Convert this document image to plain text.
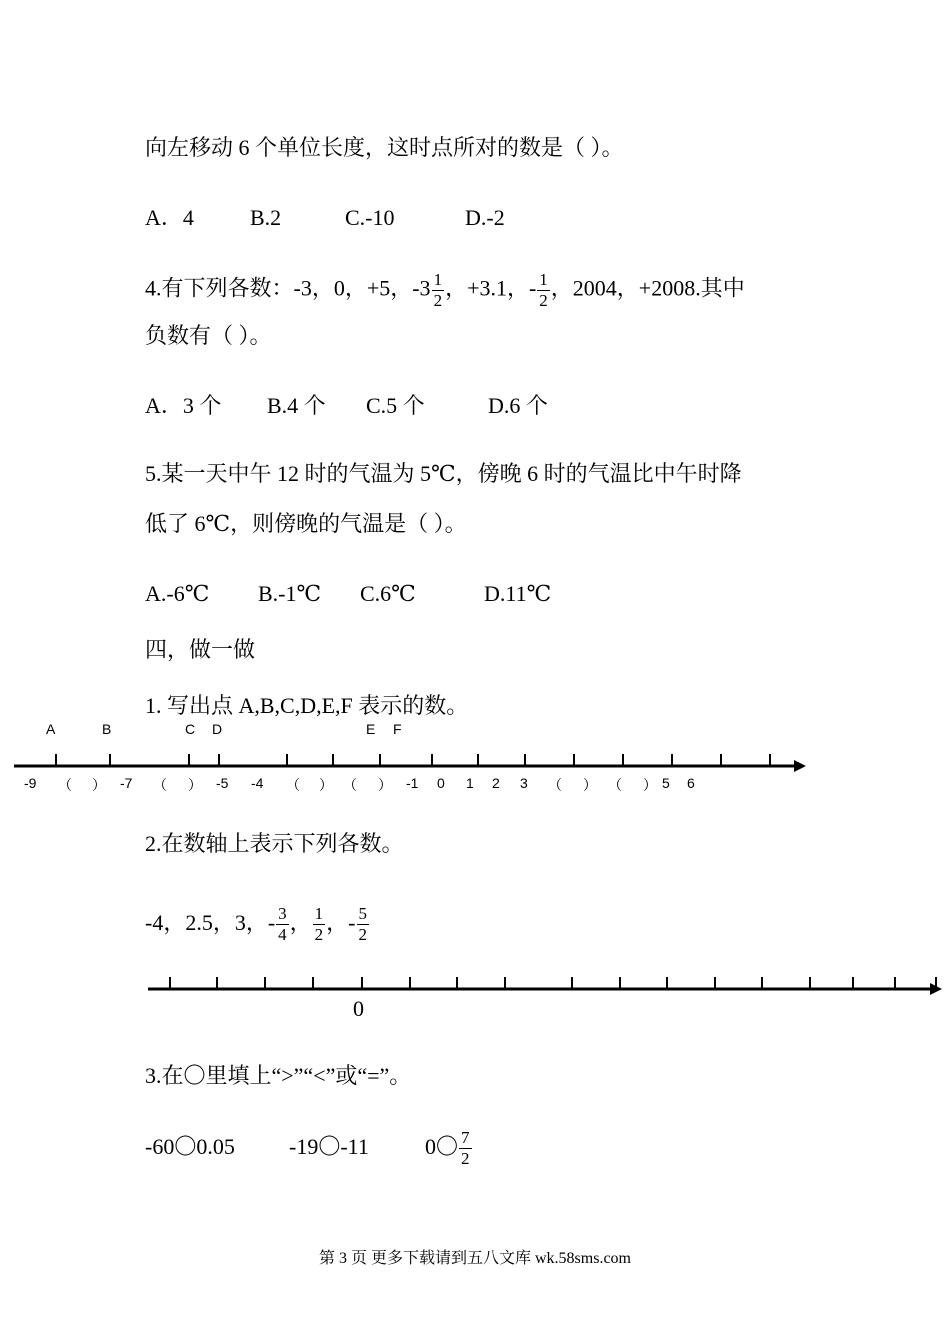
向左移动 6 个单位长度，这时点所对的数是（ ）。
A．4	B.2	C.-10	D.-2
4.有下列各数：-3，0，+5，$-3 \frac{1}{2}$ ，+3.1，- $\frac{1}{2}$ ，2004，+2008.其中
负数有（ ）。
A．3 个 B.4 个 C.5 个	D.6 个
5.某一天中午 12 时的气温为 5℃，傍晚 6 时的气温比中午时降
低了 6℃，则傍晚的气温是（ ）。
A.-6℃ B.-1℃ C.6℃	D.11℃
四，做一做
1. 写出点 A,B,C,D,E,F 表示的数。
A	B	C D	E F
-9 （ ） -7 （ ） -5 -4 （ ） （ ） -1 0 1 2 3 （ ） （ ） 5 6
2.在数轴上表示下列各数。
-4，2.5，3，- $\frac{3}{4}$ ， $\frac{1}{2}$ ，- $\frac{5}{2}$
0
3.在〇里填上“>”“<”或“=”。
-60〇0.05 -19〇-11	0〇 $\frac{7}{2}$
第 3 页 更多下载请到五八文库 wk.58sms.com
